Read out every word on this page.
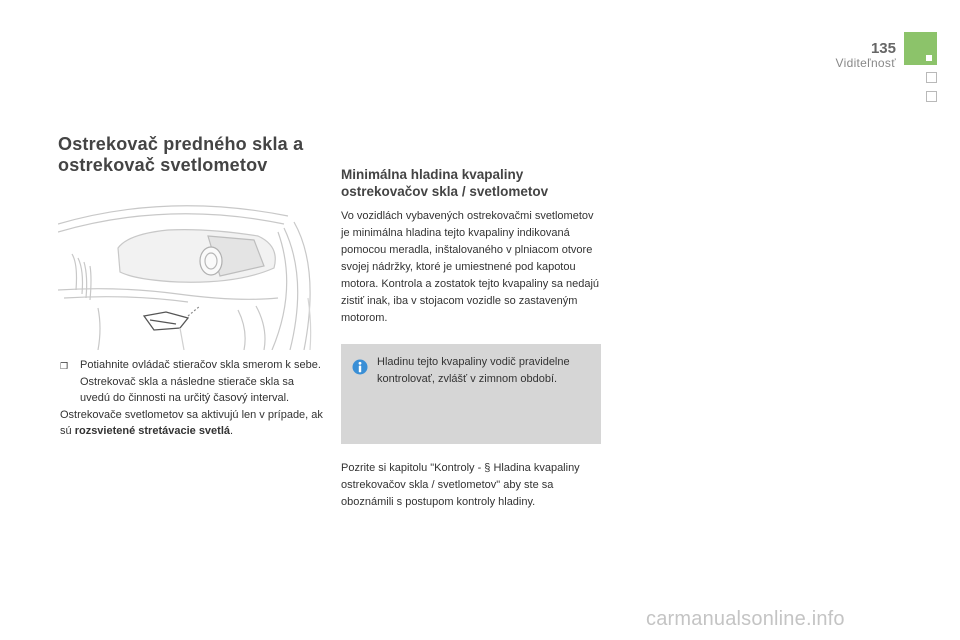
135
Viditeľnosť
Ostrekovač predného skla a ostrekovač svetlometov
❒	Potiahnite ovládač stieračov skla smerom k sebe. Ostrekovač skla a následne stierače skla sa uvedú do činnosti na určitý časový interval.

Ostrekovače svetlometov sa aktivujú len v prípade, ak sú rozsvietené stretávacie svetlá.

Minimálna hladina kvapaliny ostrekovačov skla / svetlometov

Vo vozidlách vybavených ostrekovačmi svetlometov je minimálna hladina tejto kvapaliny indikovaná pomocou meradla, inštalovaného v plniacom otvore svojej nádržky, ktoré je umiestnené pod kapotou motora. Kontrola a zostatok tejto kvapaliny sa nedajú zistiť inak, iba v stojacom vozidle so zastaveným motorom.

Hladinu tejto kvapaliny vodič pravidelne kontrolovať, zvlášť v zimnom období.

Pozrite si kapitolu "Kontroly - § Hladina kvapaliny ostrekovačov skla / svetlometov" aby ste sa oboznámili s postupom kontroly hladiny.

carmanualsonline.info
